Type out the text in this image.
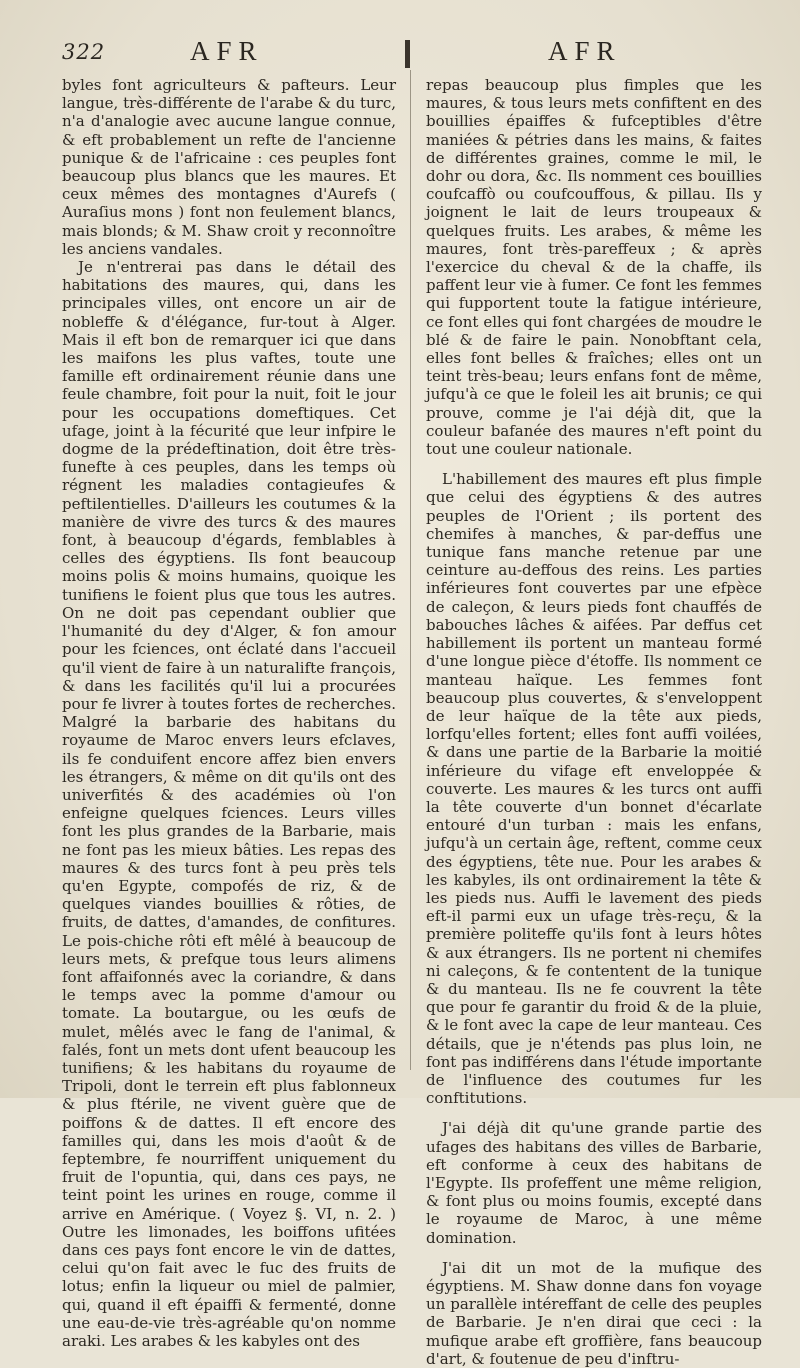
322	AFR	AFR

byles font agriculteurs & pafteurs. Leur langue, très-différente de l'arabe & du turc, n'a d'analogie avec aucune langue connue, & eft probablement un refte de l'ancienne punique & de l'africaine : ces peuples font beaucoup plus blancs que les maures. Et ceux mêmes des montagnes d'Aurefs ( Auraſius mons ) font non feulement blancs, mais blonds; & M. Shaw croit y reconnoître les anciens vandales.

Je n'entrerai pas dans le détail des habitations des maures, qui, dans les principales villes, ont encore un air de nobleffe & d'élégance, fur-tout à Alger. Mais il eft bon de remarquer ici que dans les maifons les plus vaftes, toute une famille eft ordinairement réunie dans une feule chambre, foit pour la nuit, foit le jour pour les occupations domeftiques. Cet ufage, joint à la fécurité que leur infpire le dogme de la prédeftination, doit être très-funefte à ces peuples, dans les temps où régnent les maladies contagieufes & peftilentielles. D'ailleurs les coutumes & la manière de vivre des turcs & des maures font, à beaucoup d'égards, femblables à celles des égyptiens. Ils font beaucoup moins polis & moins humains, quoique les tunifiens le foient plus que tous les autres. On ne doit pas cependant oublier que l'humanité du dey d'Alger, & fon amour pour les fciences, ont éclaté dans l'accueil qu'il vient de faire à un naturalifte françois, & dans les facilités qu'il lui a procurées pour fe livrer à toutes fortes de recherches. Malgré la barbarie des habitans du royaume de Maroc envers leurs efclaves, ils fe conduifent encore affez bien envers les étrangers, & même on dit qu'ils ont des univerfités & des académies où l'on enfeigne quelques fciences. Leurs villes font les plus grandes de la Barbarie, mais ne font pas les mieux bâties. Les repas des maures & des turcs font à peu près tels qu'en Egypte, compofés de riz, & de quelques viandes bouillies & rôties, de fruits, de dattes, d'amandes, de confitures. Le pois-chiche rôti eft mêlé à beaucoup de leurs mets, & prefque tous leurs alimens font affaifonnés avec la coriandre, & dans le temps avec la pomme d'amour ou tomate. La boutargue, ou les œufs de mulet, mêlés avec le fang de l'animal, & falés, font un mets dont ufent beaucoup les tunifiens; & les habitans du royaume de Tripoli, dont le terrein eft plus fablonneux & plus ftérile, ne vivent guère que de poiffons & de dattes. Il eft encore des familles qui, dans les mois d'août & de feptembre, fe nourriffent uniquement du fruit de l'opuntia, qui, dans ces pays, ne teint point les urines en rouge, comme il arrive en Amérique. ( Voyez §. VI, n. 2. ) Outre les limonades, les boiffons ufitées dans ces pays font encore le vin de dattes, celui qu'on fait avec le fuc des fruits de lotus; enfin la liqueur ou miel de palmier, qui, quand il eft épaiffi & fermenté, donne une eau-de-vie très-agréable qu'on nomme araki. Les arabes & les kabyles ont des

repas beaucoup plus fimples que les maures, & tous leurs mets confiftent en des bouillies épaiffes & fufceptibles d'être maniées & pétries dans les mains, & faites de différentes graines, comme le mil, le dohr ou dora, &c. Ils nomment ces bouillies coufcaffò ou coufcouffous, & pillau. Ils y joignent le lait de leurs troupeaux & quelques fruits. Les arabes, & même les maures, font très-pareffeux ; & après l'exercice du cheval & de la chaffe, ils paffent leur vie à fumer. Ce font les femmes qui fupportent toute la fatigue intérieure, ce font elles qui font chargées de moudre le blé & de faire le pain. Nonobftant cela, elles font belles & fraîches; elles ont un teint très-beau; leurs enfans font de même, jufqu'à ce que le foleil les ait brunis; ce qui prouve, comme je l'ai déjà dit, que la couleur bafanée des maures n'eft point du tout une couleur nationale.

L'habillement des maures eft plus fimple que celui des égyptiens & des autres peuples de l'Orient ; ils portent des chemifes à manches, & par-deffus une tunique fans manche retenue par une ceinture au-deffous des reins. Les parties inférieures font couvertes par une efpèce de caleçon, & leurs pieds font chauffés de babouches lâches & aifées. Par deffus cet habillement ils portent un manteau formé d'une longue pièce d'étoffe. Ils nomment ce manteau haïque. Les femmes font beaucoup plus couvertes, & s'enveloppent de leur haïque de la tête aux pieds, lorfqu'elles fortent; elles font auffi voilées, & dans une partie de la Barbarie la moitié inférieure du vifage eft enveloppée & couverte. Les maures & les turcs ont auffi la tête couverte d'un bonnet d'écarlate entouré d'un turban : mais les enfans, jufqu'à un certain âge, reftent, comme ceux des égyptiens, tête nue. Pour les arabes & les kabyles, ils ont ordinairement la tête & les pieds nus. Auffi le lavement des pieds eft-il parmi eux un ufage très-reçu, & la première politeffe qu'ils font à leurs hôtes & aux étrangers. Ils ne portent ni chemifes ni caleçons, & fe contentent de la tunique & du manteau. Ils ne fe couvrent la tête que pour fe garantir du froid & de la pluie, & le font avec la cape de leur manteau. Ces détails, que je n'étends pas plus loin, ne font pas indifférens dans l'étude importante de l'influence des coutumes fur les conftitutions.

J'ai déjà dit qu'une grande partie des ufages des habitans des villes de Barbarie, eft conforme à ceux des habitans de l'Egypte. Ils profeffent une même religion, & font plus ou moins foumis, excepté dans le royaume de Maroc, à une même domination.

J'ai dit un mot de la mufique des égyptiens. M. Shaw donne dans fon voyage un parallèle intéreffant de celle des peuples de Barbarie. Je n'en dirai que ceci : la mufique arabe eft groffière, fans beaucoup d'art, & foutenue de peu d'inftru-
